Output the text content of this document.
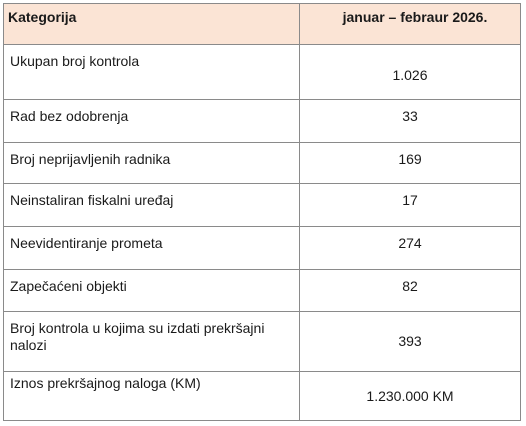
Kategorija	januar – febraur 2026.
Ukupan broj kontrola	1.026
Rad bez odobrenja	33
Broj neprijavljenih radnika	169
Neinstaliran fiskalni uređaj	17
Neevidentiranje prometa	274
Zapečaćeni objekti	82
Broj kontrola u kojima su izdati prekršajni nalozi	393
Iznos prekršajnog naloga (KM)	1.230.000 KM
